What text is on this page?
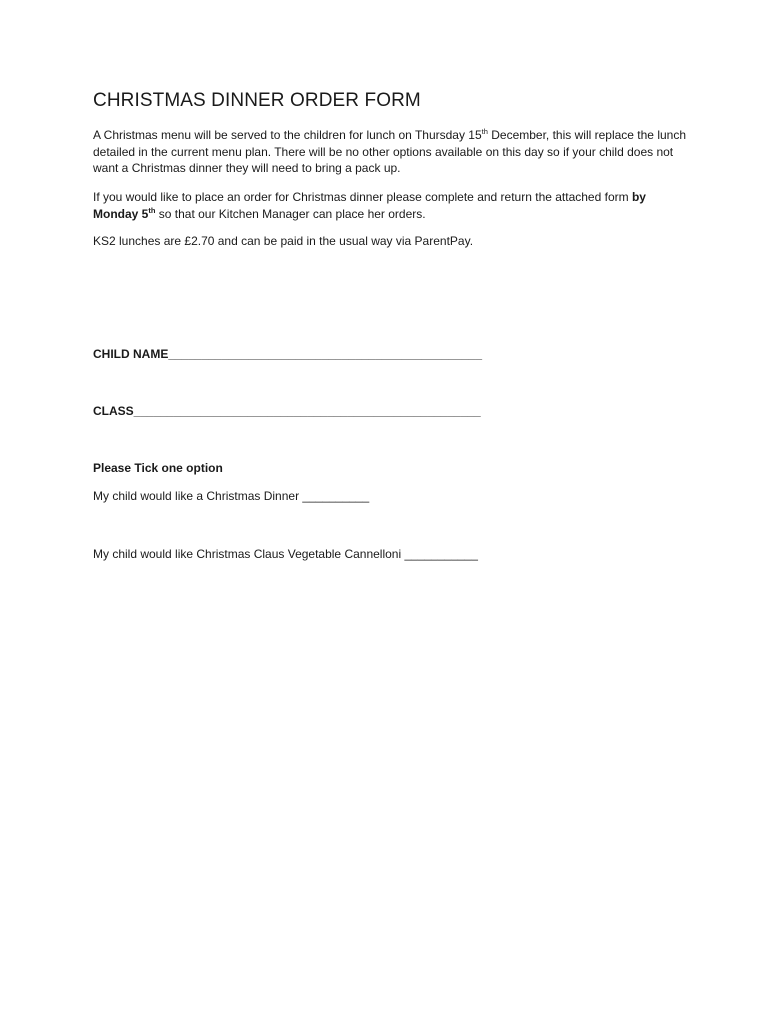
CHRISTMAS DINNER ORDER FORM

A Christmas menu will be served to the children for lunch on Thursday 15th December, this will replace the lunch detailed in the current menu plan. There will be no other options available on this day so if your child does not want a Christmas dinner they will need to bring a pack up.

If you would like to place an order for Christmas dinner please complete and return the attached form by Monday 5th so that our Kitchen Manager can place her orders.

KS2 lunches are £2.70 and can be paid in the usual way via ParentPay.

CHILD NAME_______________________________________________

CLASS____________________________________________________

Please Tick one option

My child would like a Christmas Dinner __________

My child would like Christmas Claus Vegetable Cannelloni ___________
